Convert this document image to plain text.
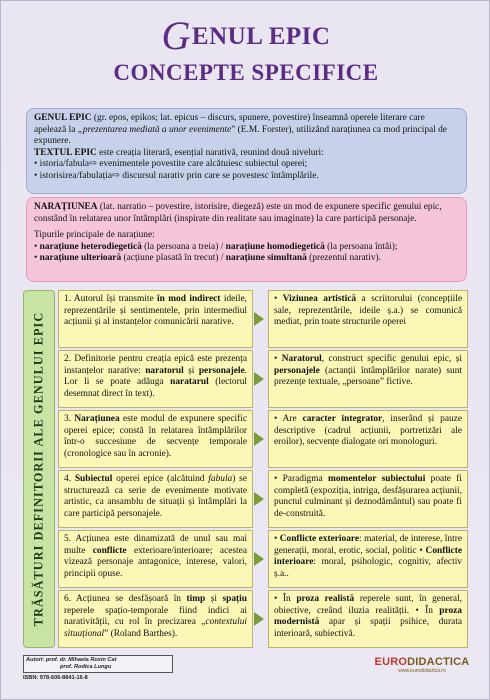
GENUL EPIC
CONCEPTE SPECIFICE

GENUL EPIC (gr. epos, epikos; lat. epicus – discurs, spunere, povestire) înseamnă operele literare care apelează la „prezentarea mediată a unor evenimente” (E.M. Forster), utilizând narațiunea ca mod principal de expunere.

TEXTUL EPIC este creația literară, esențial narativă, reunind două niveluri:

• istoria/fabula⇨ evenimentele povestite care alcătuiesc subiectul operei;

• istorisirea/fabulația⇨ discursul narativ prin care se povestesc întâmplările.

NARAȚIUNEA (lat. narratio – povestire, istorisire, diegeză) este un mod de expunere specific genului epic, constând în relatarea unor întâmplări (inspirate din realitate sau imaginate) la care participă personaje.

Tipurile principale de narațiune:

• narațiune heterodiegetică (la persoana a treia) / narațiune homodiegetică (la persoana întâi);

• narațiune ulterioară (acțiune plasată în trecut) / narațiune simultană (prezentul narativ).

TRĂSĂTURI DEFINITORII ALE GENULUI EPIC
1. Autorul își transmite în mod indirect ideile, reprezentările și sentimentele, prin intermediul acțiunii și al instanțelor comunicării narative.
• Viziunea artistică a scriitorului (concepțiile sale, reprezentările, ideile ș.a.) se comunică mediat, prin toate structurile operei
2. Definitorie pentru creația epică este prezența instanțelor narative: naratorul și personajele. Lor li se poate adăuga naratarul (lectorul desemnat direct în text).
• Naratorul, construct specific genului epic, și personajele (actanții întâmplărilor narate) sunt prezențe textuale, „persoane” fictive.
3. Narațiunea este modul de expunere specific operei epice; constă în relatarea întâmplărilor într-o succesiune de secvențe temporale (cronologice sau în acronie).
• Are caracter integrator, inserând și pauze descriptive (cadrul acțiunii, portretizări ale eroilor), secvențe dialogate ori monologuri.
4. Subiectul operei epice (alcătuind fabula) se structurează ca serie de evenimente motivate artistic, ca ansamblu de situații și întâmplări la care participă personajele.
• Paradigma momentelor subiectului poate fi completă (expozițiа, intriga, desfășurarea acțiunii, punctul culminant și deznodământul) sau poate fi de-construită.
5. Acțiunea este dinamizată de unul sau mai multe conflicte exterioare/interioare; acestea vizează personaje antagonice, interese, valori, principii opuse.
• Conflicte exterioare: material, de interese, între generații, moral, erotic, social, politic • Conflicte interioare: moral, psihologic, cognitiv, afectiv ș.a..
6. Acțiunea se desfășoară în timp și spațiu reperele spațio-temporale fiind indici ai narativității, cu rol în precizarea „contextului situațional” (Roland Barthes).
• În proza realistă reperele sunt, în general, obiective, creând iluzia realității. • În proza modernistă apar și spații psihice, durata interioară, subiectivă.
Autori: prof. dr. Mihaela Roxin Cat
prof. Rodica Lungu
ISBN: 978-606-8841-16-8
EURODIDACTICA
www.eurodidactica.ro
